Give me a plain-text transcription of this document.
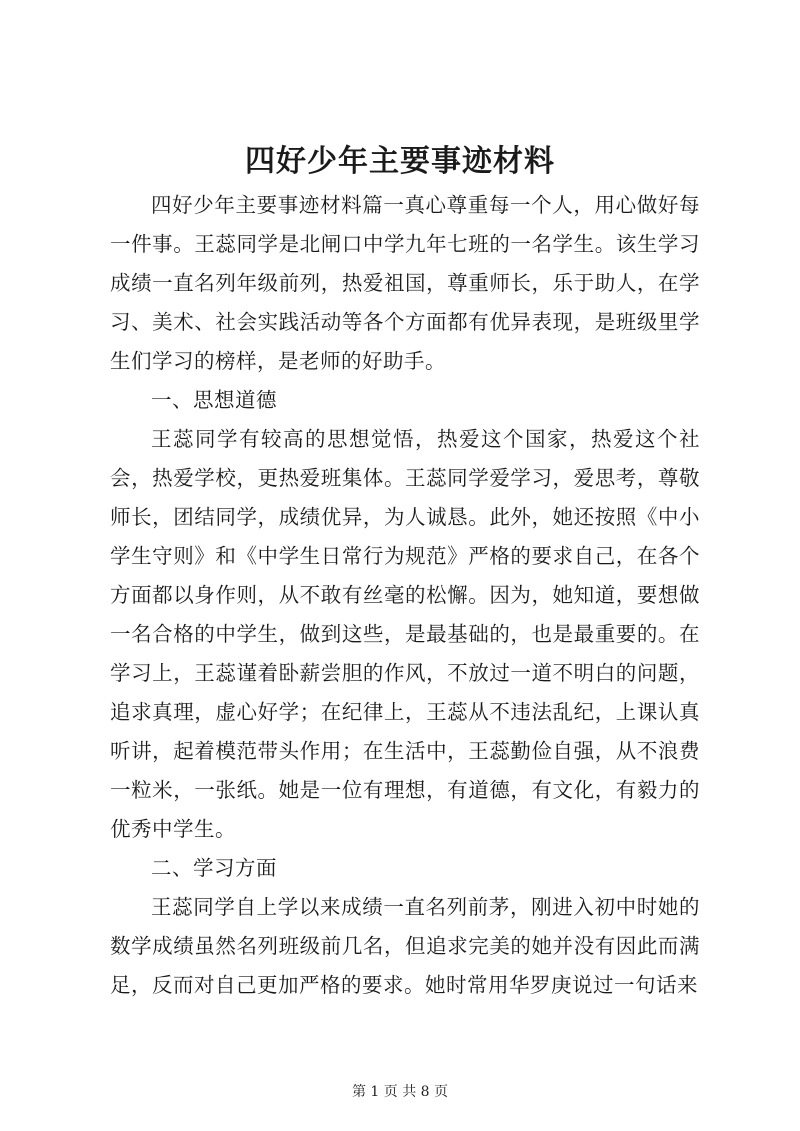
四好少年主要事迹材料

四好少年主要事迹材料篇一真心尊重每一个人，用心做好每一件事。王蕊同学是北闸口中学九年七班的一名学生。该生学习成绩一直名列年级前列，热爱祖国，尊重师长，乐于助人，在学习、美术、社会实践活动等各个方面都有优异表现，是班级里学生们学习的榜样，是老师的好助手。

一、思想道德

王蕊同学有较高的思想觉悟，热爱这个国家，热爱这个社会，热爱学校，更热爱班集体。王蕊同学爱学习，爱思考，尊敬师长，团结同学，成绩优异，为人诚恳。此外，她还按照《中小学生守则》和《中学生日常行为规范》严格的要求自己，在各个方面都以身作则，从不敢有丝毫的松懈。因为，她知道，要想做一名合格的中学生，做到这些，是最基础的，也是最重要的。在学习上，王蕊谨着卧薪尝胆的作风，不放过一道不明白的问题，追求真理，虚心好学；在纪律上，王蕊从不违法乱纪，上课认真听讲，起着模范带头作用；在生活中，王蕊勤俭自强，从不浪费一粒米，一张纸。她是一位有理想，有道德，有文化，有毅力的优秀中学生。

二、学习方面

王蕊同学自上学以来成绩一直名列前茅，刚进入初中时她的数学成绩虽然名列班级前几名，但追求完美的她并没有因此而满足，反而对自己更加严格的要求。她时常用华罗庚说过一句话来

第 1 页 共 8 页
